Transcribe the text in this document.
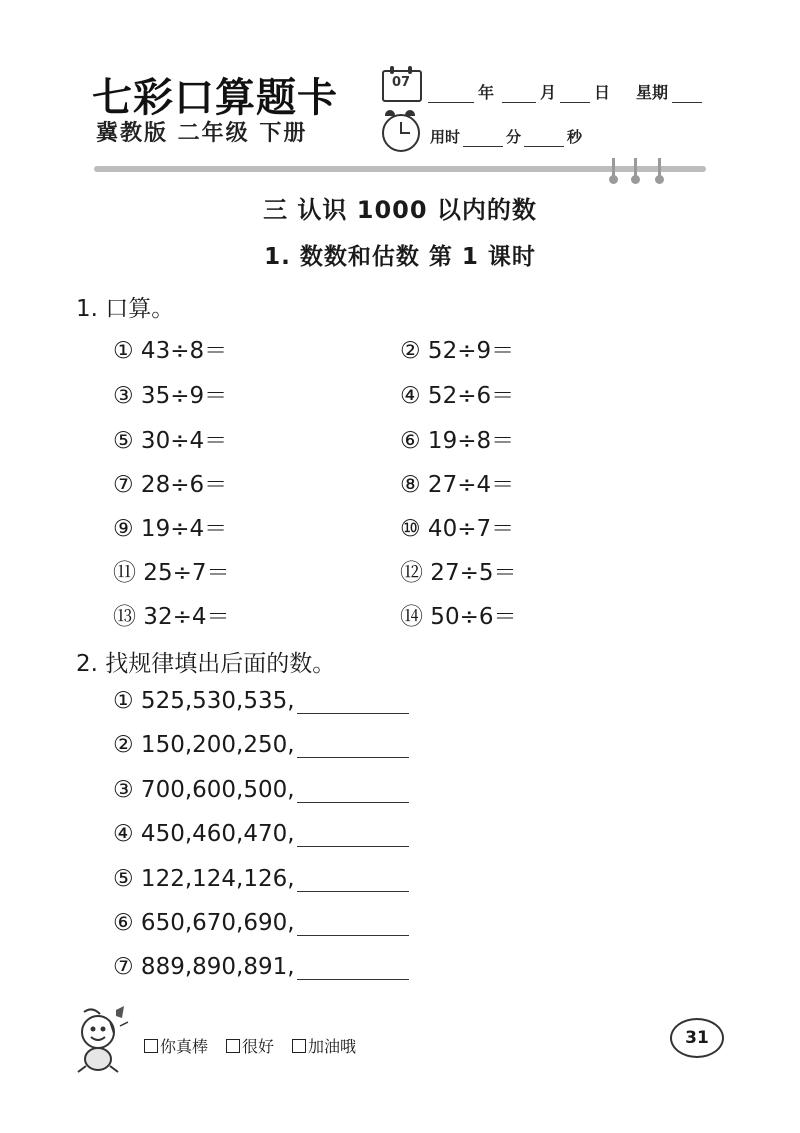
七彩口算题卡
冀教版 二年级 下册
07
年	月 日 星期
用时	分	秒
三 认识 1000 以内的数
1. 数数和估数 第 1 课时
1. 口算。
① 43÷8＝	② 52÷9＝
③ 35÷9＝	④ 52÷6＝
⑤ 30÷4＝	⑥ 19÷8＝
⑦ 28÷6＝	⑧ 27÷4＝
⑨ 19÷4＝	⑩ 40÷7＝
⑪ 25÷7＝	⑫ 27÷5＝
⑬ 32÷4＝	⑭ 50÷6＝
2. 找规律填出后面的数。
① 525,530,535,
② 150,200,250,
③ 700,600,500,
④ 450,460,470,
⑤ 122,124,126,
⑥ 650,670,690,
⑦ 889,890,891,
你真棒 很好 加油哦	31
